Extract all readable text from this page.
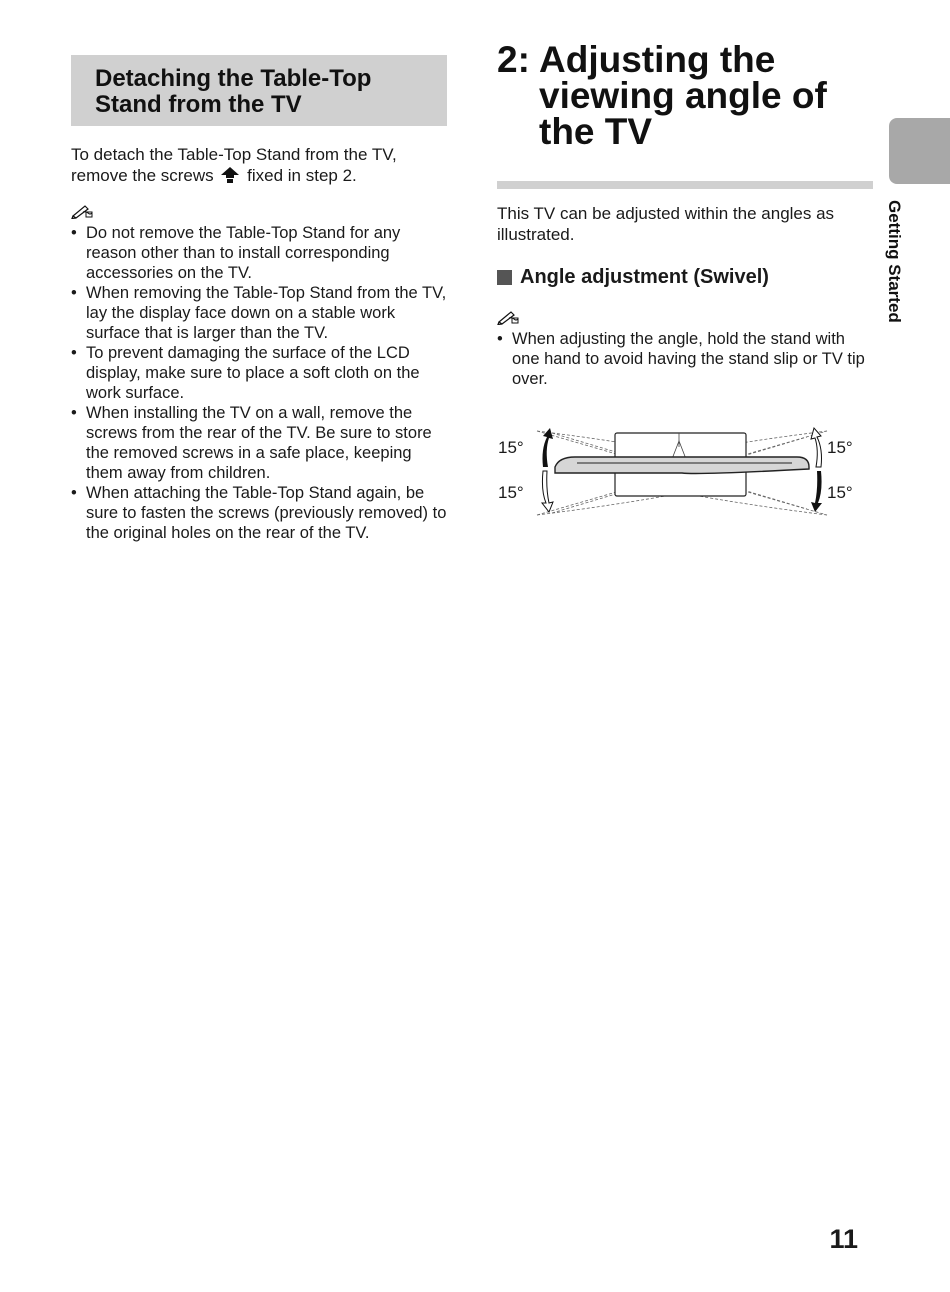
Detaching the Table-Top Stand from the TV
To detach the Table-Top Stand from the TV, remove the screws  fixed in step 2.
• Do not remove the Table-Top Stand for any reason other than to install corresponding accessories on the TV.
• When removing the Table-Top Stand from the TV, lay the display face down on a stable work surface that is larger than the TV.
• To prevent damaging the surface of the LCD display, make sure to place a soft cloth on the work surface.
• When installing the TV on a wall, remove the screws from the rear of the TV. Be sure to store the removed screws in a safe place, keeping them away from children.
• When attaching the Table-Top Stand again, be sure to fasten the screws (previously removed) to the original holes on the rear of the TV.
2: Adjusting the viewing angle of the TV
This TV can be adjusted within the angles as illustrated.
Angle adjustment (Swivel)
• When adjusting the angle, hold the stand with one hand to avoid having the stand slip or TV tip over.
15°
15°
15°
15°
Getting Started
11
